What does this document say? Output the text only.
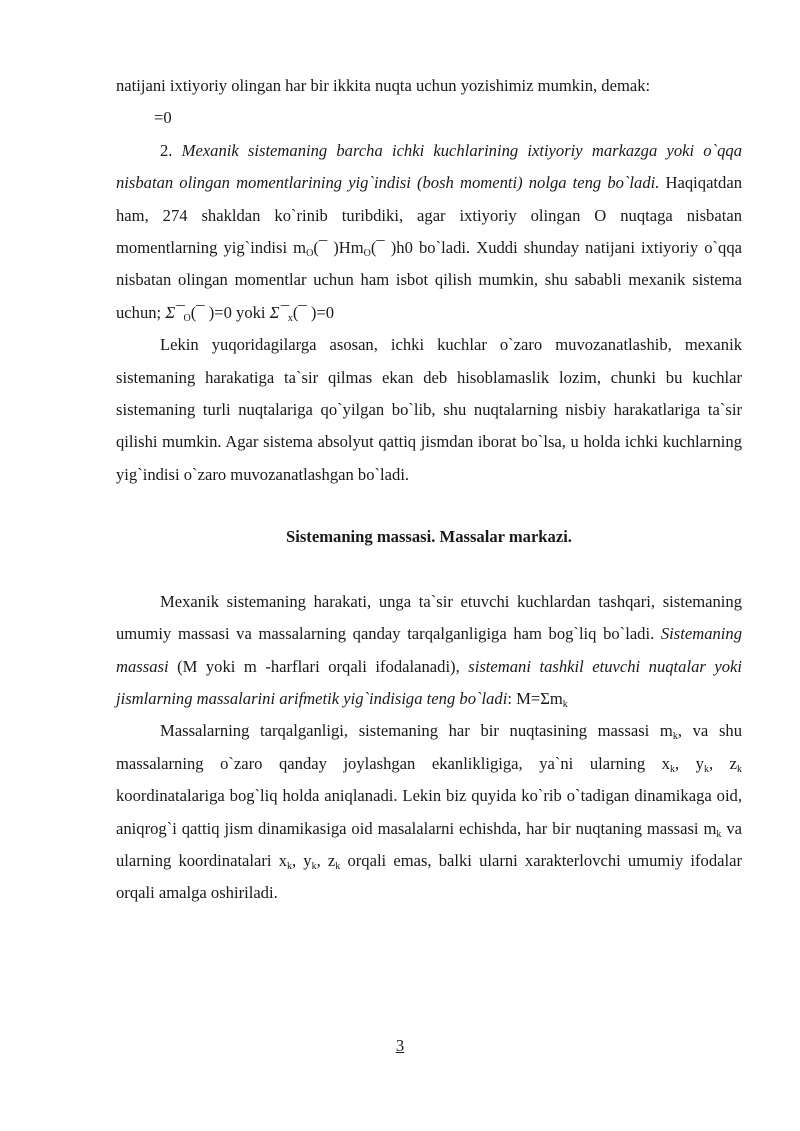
natijani ixtiyoriy olingan har bir ikkita nuqta uchun yozishimiz mumkin, demak:

=0

2. Mexanik sistemaning barcha ichki kuchlarining ixtiyoriy markazga yoki o`qqa nisbatan olingan momentlarining yig`indisi (bosh momenti) nolga teng bo`ladi. Haqiqatdan ham, 274 shakldan ko`rinib turibdiki, agar ixtiyoriy olingan O nuqtaga nisbatan momentlarning yig`indisi $m_O(¯$ )$Hm_O(¯$ )h0 bo`ladi. Xuddi shunday natijani ixtiyoriy o`qqa nisbatan olingan momentlar uchun ham isbot qilish mumkin, shu sababli mexanik sistema uchun; $\Sigma¯_O(¯$ )=0 yoki $\Sigma¯_x(¯$ )=0

Lekin yuqoridagilarga asosan, ichki kuchlar o`zaro muvozanatlashib, mexanik sistemaning harakatiga ta`sir qilmas ekan deb hisoblamaslik lozim, chunki bu kuchlar sistemaning turli nuqtalariga qo`yilgan bo`lib, shu nuqtalarning nisbiy harakatlariga ta`sir qilishi mumkin. Agar sistema absolyut qattiq jismdan iborat bo`lsa, u holda ichki kuchlarning yig`indisi o`zaro muvozanatlashgan bo`ladi.

Sistemaning massasi. Massalar markazi.

Mexanik sistemaning harakati, unga ta`sir etuvchi kuchlardan tashqari, sistemaning umumiy massasi va massalarning qanday tarqalganligiga ham bog`liq bo`ladi. Sistemaning massasi (M yoki m -harflari orqali ifodalanadi), sistemani tashkil etuvchi nuqtalar yoki jismlarning massalarini arifmetik yig`indisiga teng bo`ladi: $M=\Sigma m_k$

Massalarning tarqalganligi, sistemaning har bir nuqtasining massasi $m_k$, va shu massalarning o`zaro qanday joylashgan ekanlikligiga, ya`ni ularning $x_k$, $y_k$, $z_k$ koordinatalariga bog`liq holda aniqlanadi. Lekin biz quyida ko`rib o`tadigan dinamikaga oid, aniqrog`i qattiq jism dinamikasiga oid masalalarni echishda, har bir nuqtaning massasi $m_k$ va ularning koordinatalari $x_k$, $y_k$, $z_k$ orqali emas, balki ularni xarakterlovchi umumiy ifodalar orqali amalga oshiriladi.

3
